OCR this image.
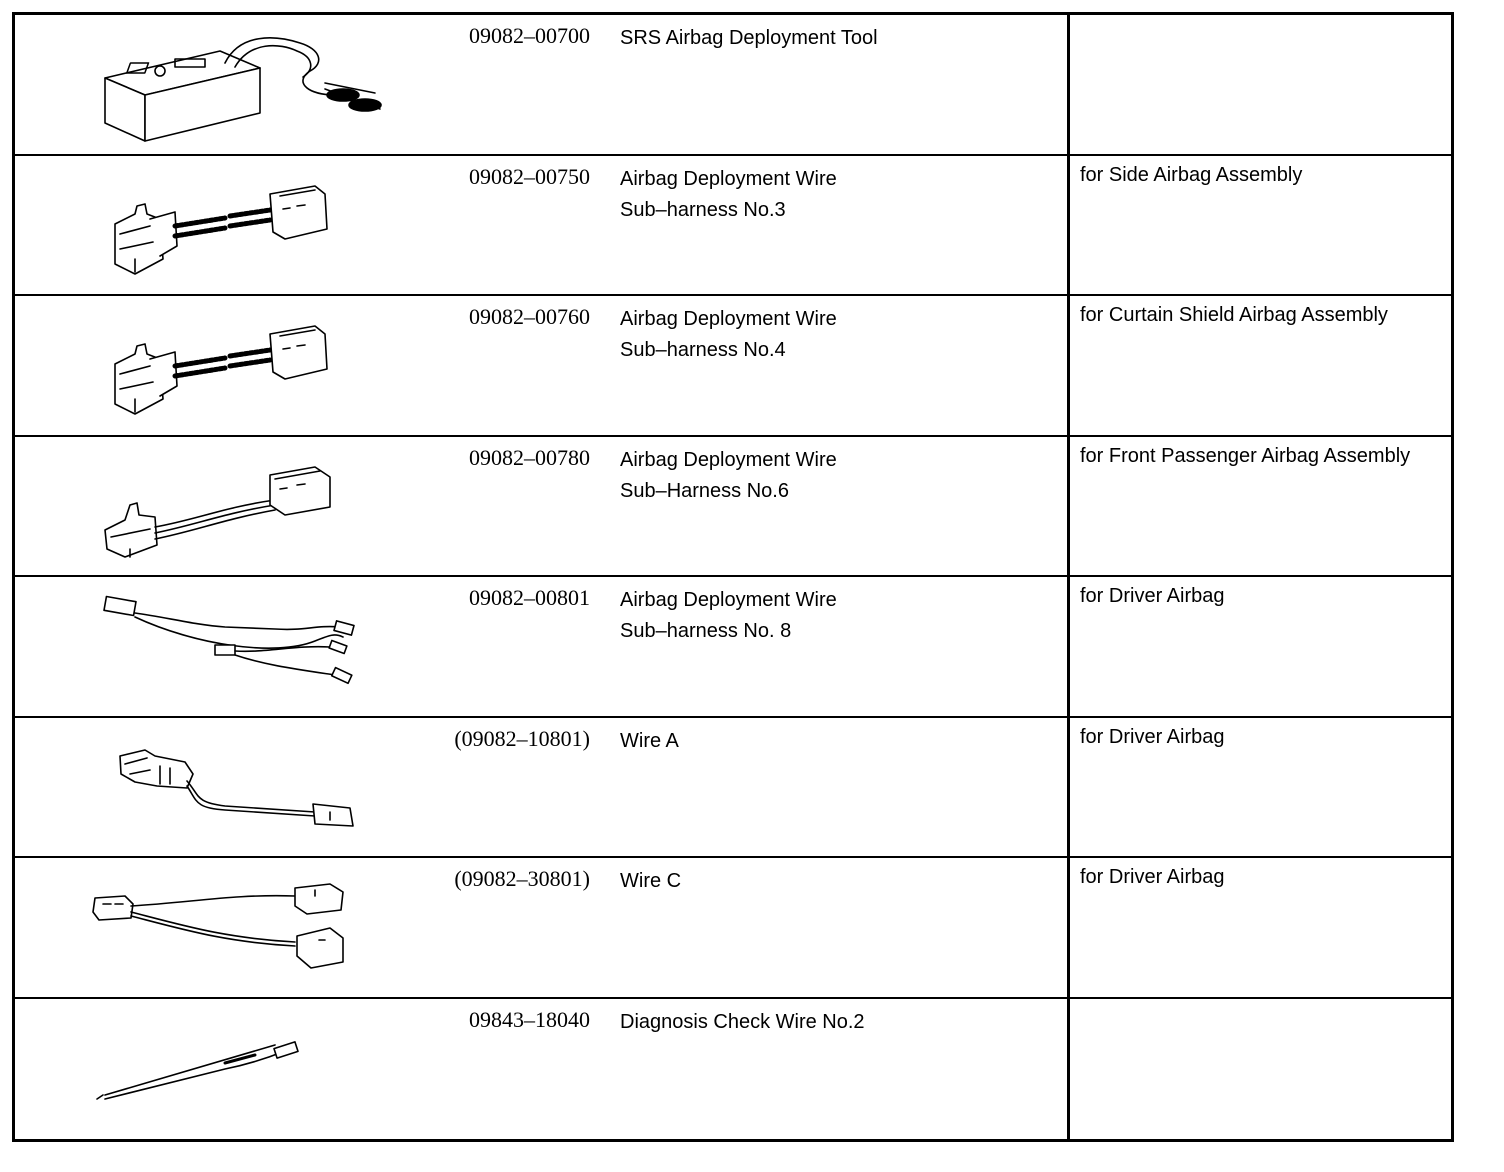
09082–00700 SRS Airbag Deployment Tool
09082–00750 Airbag Deployment Wire
Sub–harness No.3
for Side Airbag Assembly
09082–00760 Airbag Deployment Wire
Sub–harness No.4
for Curtain Shield Airbag Assembly
09082–00780 Airbag Deployment Wire
Sub–Harness No.6
for Front Passenger Airbag Assembly
09082–00801 Airbag Deployment Wire
Sub–harness No. 8
for Driver Airbag
(09082–10801) Wire A	for Driver Airbag
(09082–30801) Wire C	for Driver Airbag
09843–18040 Diagnosis Check Wire No.2
